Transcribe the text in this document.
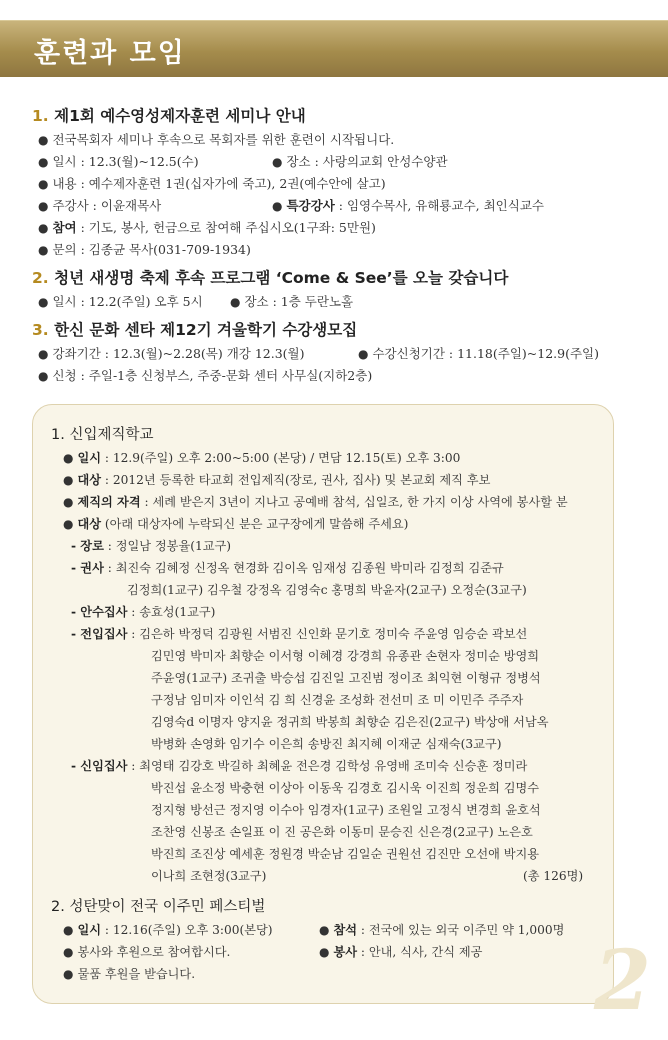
훈련과 모임
1. 제1회 예수영성제자훈련 세미나 안내
● 전국목회자 세미나 후속으로 목회자를 위한 훈련이 시작됩니다.
● 일시 : 12.3(월)~12.5(수)	● 장소 : 사랑의교회 안성수양관
● 내용 : 예수제자훈련 1권(십자가에 죽고), 2권(예수안에 살고)
● 주강사 : 이윤재목사	● 특강강사 : 임영수목사, 유해룡교수, 최인식교수
● 참여 : 기도, 봉사, 헌금으로 참여해 주십시오(1구좌: 5만원)
● 문의 : 김종균 목사(031-709-1934)
2. 청년 새생명 축제 후속 프로그램 ‘Come & See’를 오늘 갖습니다
● 일시 : 12.2(주일) 오후 5시 ● 장소 : 1층 두란노홀
3. 한신 문화 센타 제12기 겨울학기 수강생모집
● 강좌기간 : 12.3(월)~2.28(목) 개강 12.3(월)	● 수강신청기간 : 11.18(주일)~12.9(주일)
● 신청 : 주일-1층 신청부스, 주중-문화 센터 사무실(지하2층)
1. 신입제직학교
● 일시 : 12.9(주일) 오후 2:00~5:00 (본당) / 면담 12.15(토) 오후 3:00
● 대상 : 2012년 등록한 타교회 전입제직(장로, 권사, 집사) 및 본교회 제직 후보
● 제직의 자격 : 세례 받은지 3년이 지나고 공예배 참석, 십일조, 한 가지 이상 사역에 봉사할 분
● 대상 (아래 대상자에 누락되신 분은 교구장에게 말씀해 주세요)
- 장로 : 정일남 정봉율(1교구)
- 권사 : 최진숙 김혜정 신정옥 현경화 김이옥 임재성 김종원 박미라 김정희 김준규
김정희(1교구) 김우철 강정옥 김영숙c 홍명희 박윤자(2교구) 오정순(3교구)
- 안수집사 : 송효성(1교구)
- 전입집사 : 김은하 박정덕 김광원 서범진 신인화 문기호 정미숙 주윤영 임승순 곽보선
김민영 박미자 최향순 이서형 이혜경 강경희 유종관 손현자 정미순 방영희
주윤영(1교구) 조귀출 박승섭 김진일 고진범 정이조 최익현 이형규 정병석
구정남 임미자 이인석 김 희 신경윤 조성화 전선미 조 미 이민주 주주자
김영숙d 이명자 양지윤 정귀희 박봉희 최향순 김은진(2교구) 박상애 서남옥
박병화 손영화 임기수 이은희 송방진 최지혜 이재군 심재숙(3교구)
- 신임집사 : 최영태 김강호 박길하 최혜윤 전은경 김학성 유영배 조미숙 신승훈 정미라
박진섭 윤소정 박충현 이상아 이동욱 김경호 김시욱 이진희 정운희 김명수
정지형 방선근 정지영 이수아 임경자(1교구) 조원일 고정식 변경희 윤호석
조찬영 신봉조 손일표 이 진 공은화 이동미 문승진 신은경(2교구) 노은호
박진희 조진상 예세훈 정원경 박순남 김일순 권원선 김진만 오선애 박지용
이나희 조현정(3교구)	(총 126명)
2. 성탄맞이 전국 이주민 페스티벌
● 일시 : 12.16(주일) 오후 3:00(본당)	● 참석 : 전국에 있는 외국 이주민 약 1,000명
● 봉사와 후원으로 참여합시다.	● 봉사 : 안내, 식사, 간식 제공
● 물품 후원을 받습니다.	2
